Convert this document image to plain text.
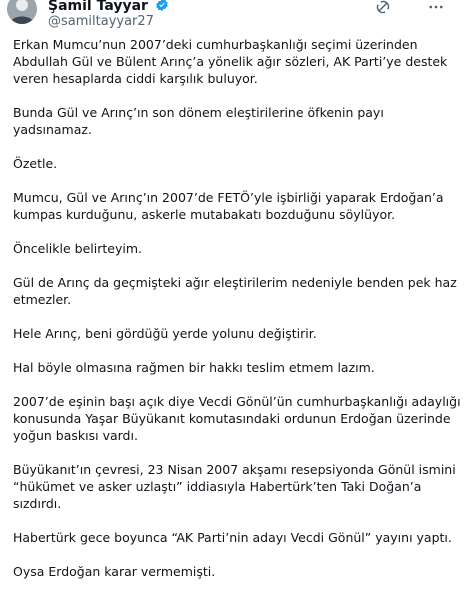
Şamil Tayyar
@samiltayyar27

Erkan Mumcu’nun 2007’deki cumhurbaşkanlığı seçimi üzerinden Abdullah Gül ve Bülent Arınç’a yönelik ağır sözleri, AK Parti’ye destek veren hesaplarda ciddi karşılık buluyor.

Bunda Gül ve Arınç’ın son dönem eleştirilerine öfkenin payı yadsınamaz.

Özetle.

Mumcu, Gül ve Arınç’ın 2007’de FETÖ’yle işbirliği yaparak Erdoğan’a kumpas kurduğunu, askerle mutabakatı bozduğunu söylüyor.

Öncelikle belirteyim.

Gül de Arınç da geçmişteki ağır eleştirilerim nedeniyle benden pek haz etmezler.

Hele Arınç, beni gördüğü yerde yolunu değiştirir.

Hal böyle olmasına rağmen bir hakkı teslim etmem lazım.

2007’de eşinin başı açık diye Vecdi Gönül’ün cumhurbaşkanlığı adaylığı konusunda Yaşar Büyükanıt komutasındaki ordunun Erdoğan üzerinde yoğun baskısı vardı.

Büyükanıt’ın çevresi, 23 Nisan 2007 akşamı resepsiyonda Gönül ismini “hükümet ve asker uzlaştı” iddiasıyla Habertürk’ten Taki Doğan’a sızdırdı.

Habertürk gece boyunca “AK Parti’nin adayı Vecdi Gönül” yayını yaptı.

Oysa Erdoğan karar vermemişti.
